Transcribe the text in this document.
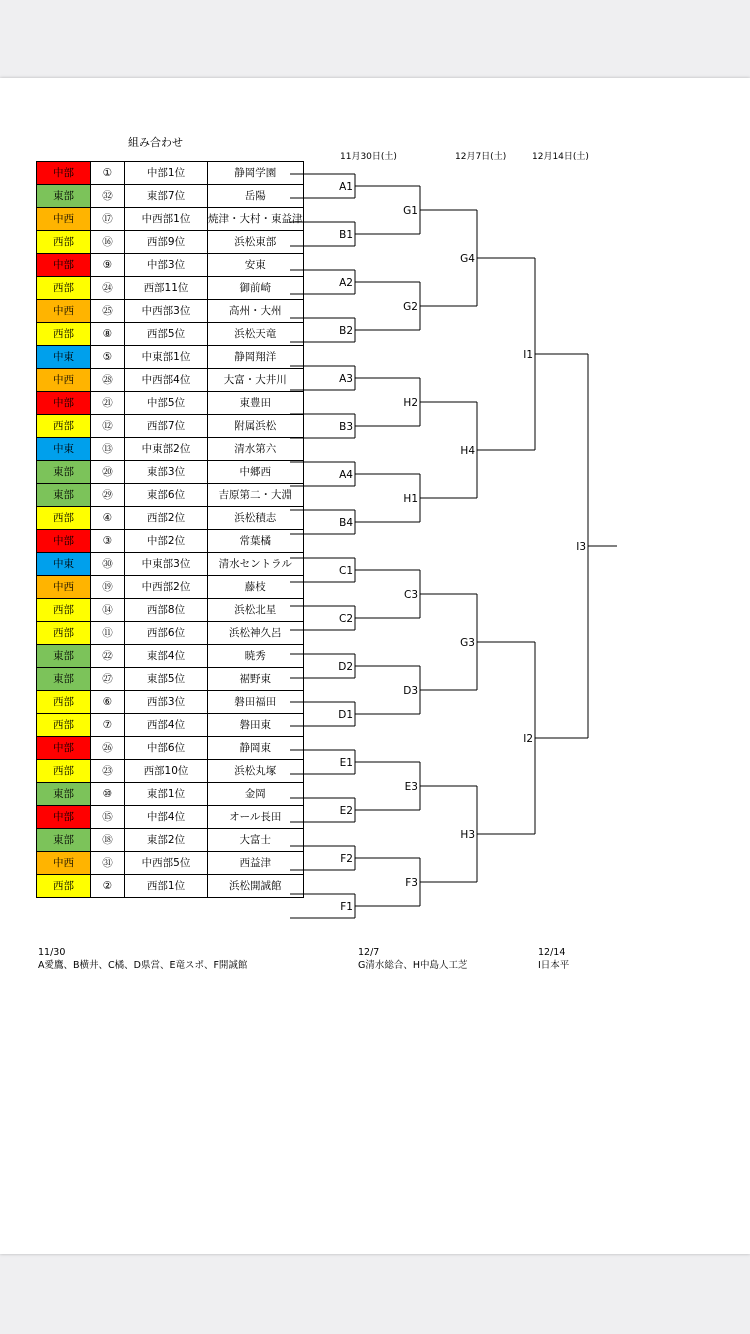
組み合わせ
11月30日(土)	12月7日(土)	12月14日(土)
中部	①	中部1位	静岡学園
東部	㉜	東部7位	岳陽
中西	⑰	中西部1位	焼津・大村・東益津
西部	⑯	西部9位	浜松東部
中部	⑨	中部3位	安東
西部	㉔	西部11位	御前崎
中西	㉕	中西部3位	高州・大州
西部	⑧	西部5位	浜松天竜
中東	⑤	中東部1位	静岡翔洋
中西	㉘	中西部4位	大富・大井川
中部	㉑	中部5位	東豊田
西部	⑫	西部7位	附属浜松
中東	⑬	中東部2位	清水第六
東部	⑳	東部3位	中郷西
東部	㉙	東部6位	吉原第二・大淵
西部	④	西部2位	浜松積志
中部	③	中部2位	常葉橘
中東	㉚	中東部3位	清水セントラル
中西	⑲	中西部2位	藤枝
西部	⑭	西部8位	浜松北星
西部	⑪	西部6位	浜松神久呂
東部	㉒	東部4位	暁秀
東部	㉗	東部5位	裾野東
西部	⑥	西部3位	磐田福田
西部	⑦	西部4位	磐田東
中部	㉖	中部6位	静岡東
西部	㉓	西部10位	浜松丸塚
東部	⑩	東部1位	金岡
中部	⑮	中部4位	オール長田
東部	⑱	東部2位	大富士
中西	㉛	中西部5位	西益津
西部	②	西部1位	浜松開誠館
A1
B1
A2
B2
A3
B3
A4
B4
C1
C2
D2
D1
E1
E2
F2
F1
G1
G2
H2
H1
C3
D3
E3
F3
G4
H4
G3
H3
I1
I2
I3
11/30
A愛鷹、B横井、C橘、D県営、E竜スポ、F開誠館
12/7
G清水総合、H中島人工芝
12/14
I日本平
